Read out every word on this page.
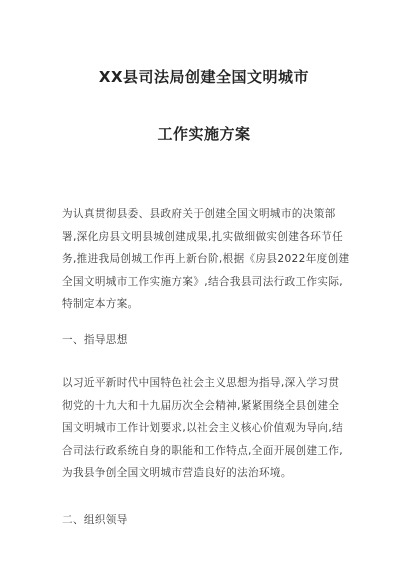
XX县司法局创建全国文明城市
工作实施方案
为认真贯彻县委、县政府关于创建全国文明城市的决策部
署,深化房县文明县城创建成果,扎实做细做实创建各环节任
务,推进我局创城工作再上新台阶,根据《房县2022年度创建
全国文明城市工作实施方案》,结合我县司法行政工作实际,
特制定本方案。
一、指导思想
以习近平新时代中国特色社会主义思想为指导,深入学习贯
彻党的十九大和十九届历次全会精神,紧紧围绕全县创建全
国文明城市工作计划要求,以社会主义核心价值观为导向,结
合司法行政系统自身的职能和工作特点,全面开展创建工作,
为我县争创全国文明城市营造良好的法治环境。
二、组织领导
